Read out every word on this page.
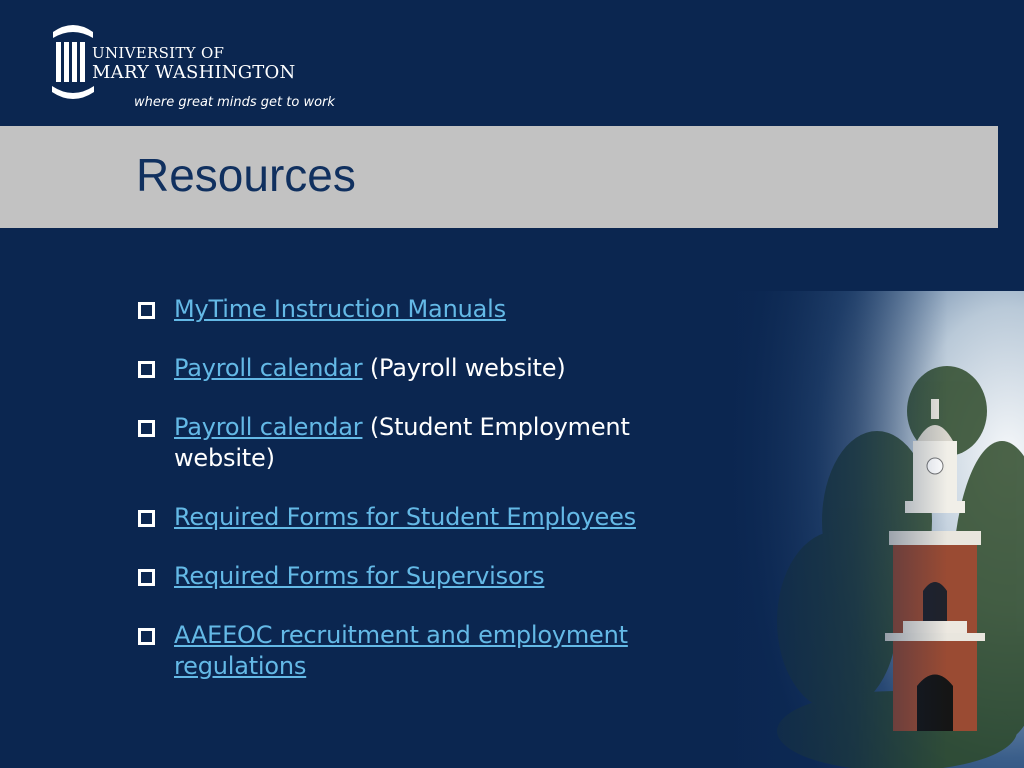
UNIVERSITY OF
MARY WASHINGTON
where great minds get to work
Resources
MyTime Instruction Manuals
Payroll calendar (Payroll website)
Payroll calendar (Student Employment website)
Required Forms for Student Employees
Required Forms for Supervisors
AAEEOC recruitment and employment regulations
